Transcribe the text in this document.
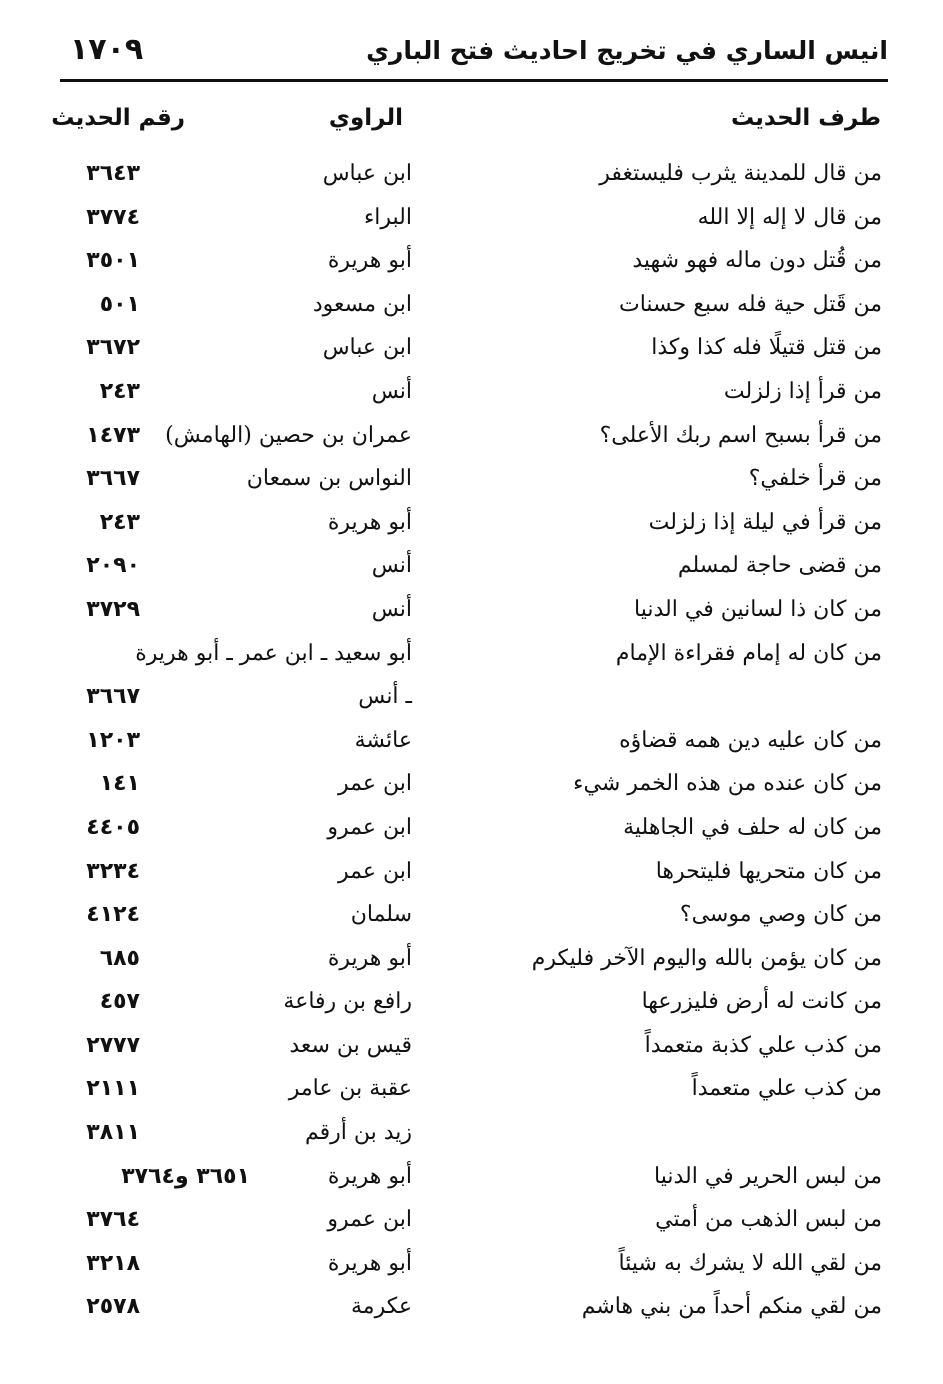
انيس الساري في تخريج احاديث فتح الباري
١٧٠٩
طرف الحديث
الراوي
رقم الحديث
من قال للمدينة يثرب فليستغفر
ابن عباس
٣٦٤٣
من قال لا إله إلا الله
البراء
٣٧٧٤
من قُتل دون ماله فهو شهيد
أبو هريرة
٣٥٠١
من قَتل حية فله سبع حسنات
ابن مسعود
٥٠١
من قتل قتيلًا فله كذا وكذا
ابن عباس
٣٦٧٢
من قرأ إذا زلزلت
أنس
٢٤٣
من قرأ بسبح اسم ربك الأعلى؟
عمران بن حصين (الهامش)
١٤٧٣
من قرأ خلفي؟
النواس بن سمعان
٣٦٦٧
من قرأ في ليلة إذا زلزلت
أبو هريرة
٢٤٣
من قضى حاجة لمسلم
أنس
٢٠٩٠
من كان ذا لسانين في الدنيا
أنس
٣٧٢٩
من كان له إمام فقراءة الإمام
أبو سعيد ـ ابن عمر ـ أبو هريرة
ـ أنس
٣٦٦٧
من كان عليه دين همه قضاؤه
عائشة
١٢٠٣
من كان عنده من هذه الخمر شيء
ابن عمر
١٤١
من كان له حلف في الجاهلية
ابن عمرو
٤٤٠٥
من كان متحريها فليتحرها
ابن عمر
٣٢٣٤
من كان وصي موسى؟
سلمان
٤١٢٤
من كان يؤمن بالله واليوم الآخر فليكرم
أبو هريرة
٦٨٥
من كانت له أرض فليزرعها
رافع بن رفاعة
٤٥٧
من كذب علي كذبة متعمداً
قيس بن سعد
٢٧٧٧
من كذب علي متعمداً
عقبة بن عامر
٢١١١
زيد بن أرقم
٣٨١١
من لبس الحرير في الدنيا
أبو هريرة
٣٦٥١ و٣٧٦٤
من لبس الذهب من أمتي
ابن عمرو
٣٧٦٤
من لقي الله لا يشرك به شيئاً
أبو هريرة
٣٢١٨
من لقي منكم أحداً من بني هاشم
عكرمة
٢٥٧٨
